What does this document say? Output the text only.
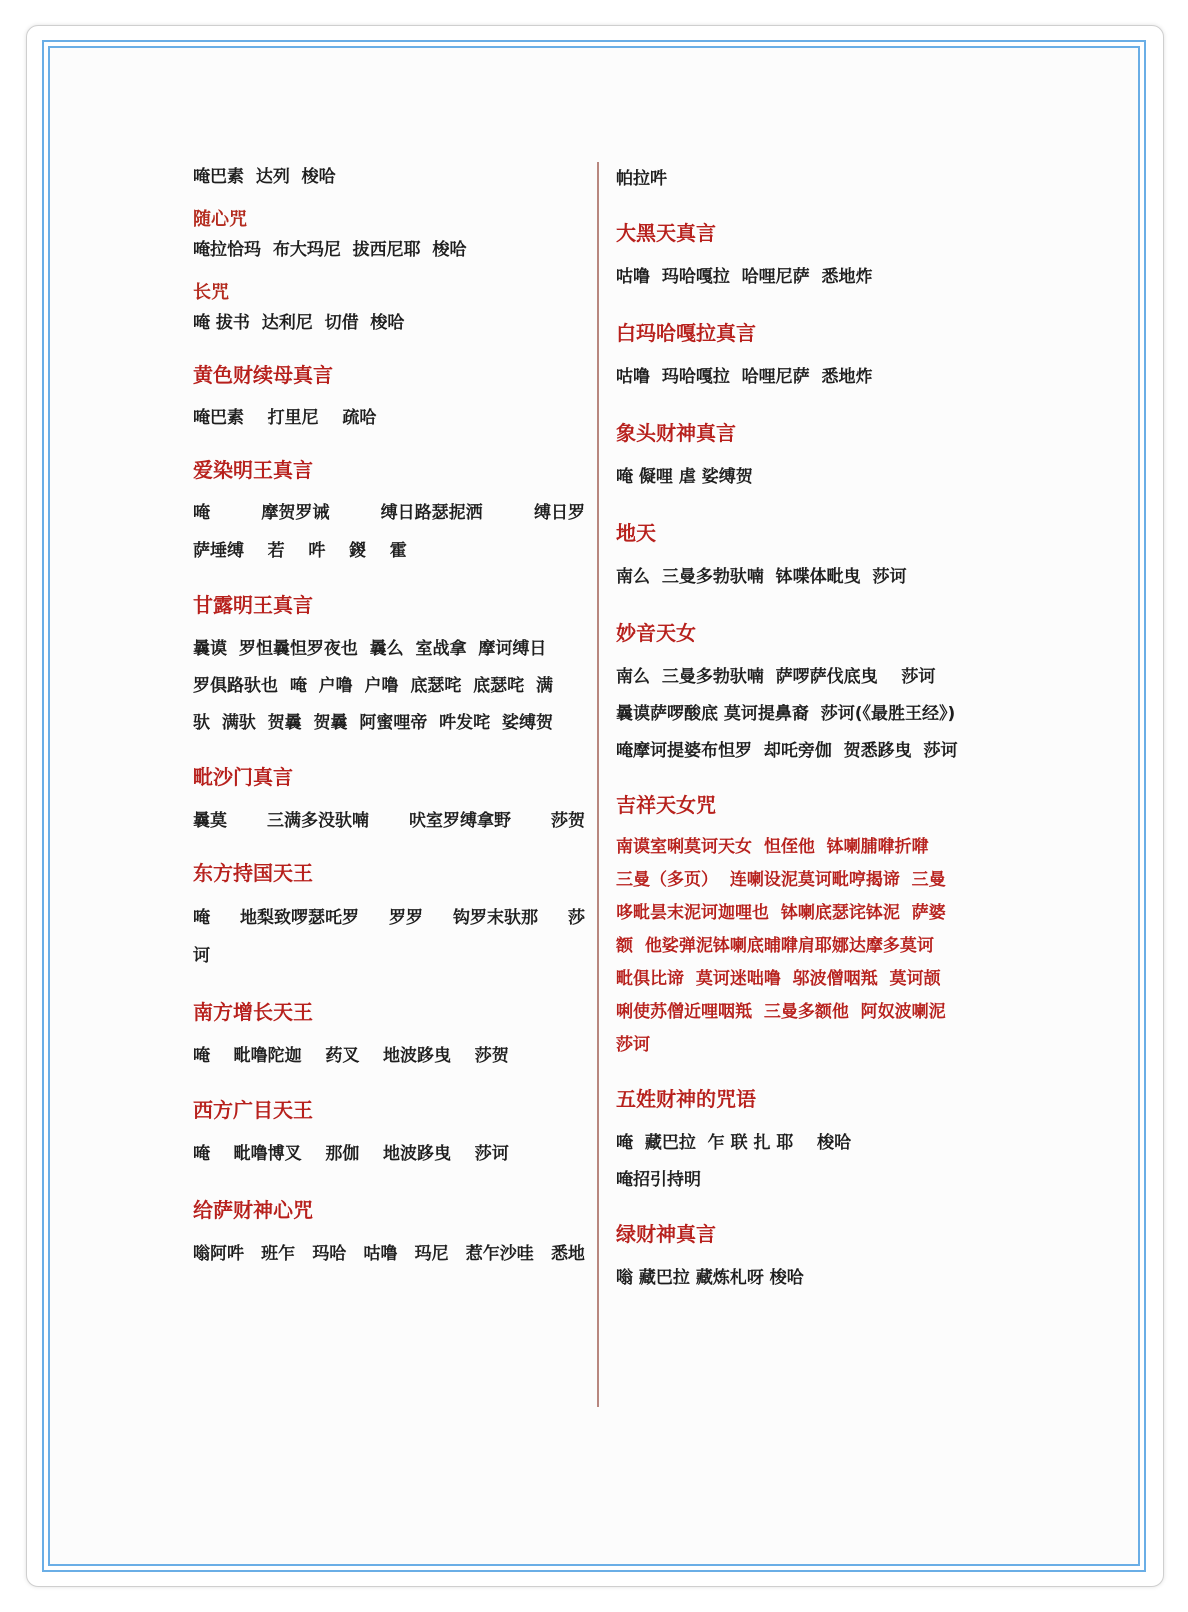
唵巴素  达列  梭哈
随心咒
唵拉恰玛  布大玛尼  拔西尼耶  梭哈
长咒
唵 拔书  达利尼  切借  梭哈
黄色财续母真言
唵巴素    打里尼    疏哈
爱染明王真言
唵	摩贺罗诫	缚日路瑟抳洒	缚日罗
萨埵缚    若    吽    鍐    霍
甘露明王真言
曩谟  罗怛曩怛罗夜也  曩么  室战拿  摩诃缚日
罗俱路驮也  唵  户噜  户噜  底瑟咤  底瑟咤  满
驮  满驮  贺曩  贺曩  阿蜜哩帝  吽发咤  娑缚贺
毗沙门真言
曩莫 三满多没驮喃 吠室罗缚拿野 莎贺
东方持国天王
唵 地梨致啰瑟吒罗 罗罗 钩罗末驮那 莎
诃
南方增长天王
唵    毗噜陀迦    药叉    地波跢曳    莎贺
西方广目天王
唵    毗噜博叉    那伽    地波跢曳    莎诃
给萨财神心咒
嗡阿吽 班乍 玛哈 咕噜 玛尼 惹乍沙哇 悉地
帕拉吽
大黑天真言
咕噜  玛哈嘎拉  哈哩尼萨  悉地炸
白玛哈嘎拉真言
咕噜  玛哈嘎拉  哈哩尼萨  悉地炸
象头财神真言
唵 儗哩 虐 娑缚贺
地天
南么  三曼多勃驮喃  钵喋体毗曳  莎诃
妙音天女
南么  三曼多勃驮喃  萨啰萨伐底曳    莎诃
曩谟萨啰酸底 莫诃提鼻裔  莎诃(《最胜王经》)
唵摩诃提婆布怛罗  却吒旁伽  贺悉跢曳  莎诃
吉祥天女咒
南谟室唎莫诃天女  怛侄他  钵喇脯𠷈折𠷈
三曼（多页）  连喇设泥莫诃毗哼揭谛  三曼
哆毗昙末泥诃迦哩也  钵喇底瑟诧钵泥  萨婆
额  他娑弹泥钵喇底晡𠷈肩耶娜达摩多莫诃
毗俱比谛  莫诃迷咄噜  邬波僧咽羝  莫诃颉
唎使苏僧近哩咽羝  三曼多额他  阿奴波喇泥
莎诃
五姓财神的咒语
唵  藏巴拉  乍 联 扎 耶    梭哈
唵招引持明
绿财神真言
嗡 藏巴拉 藏炼札呀 梭哈
